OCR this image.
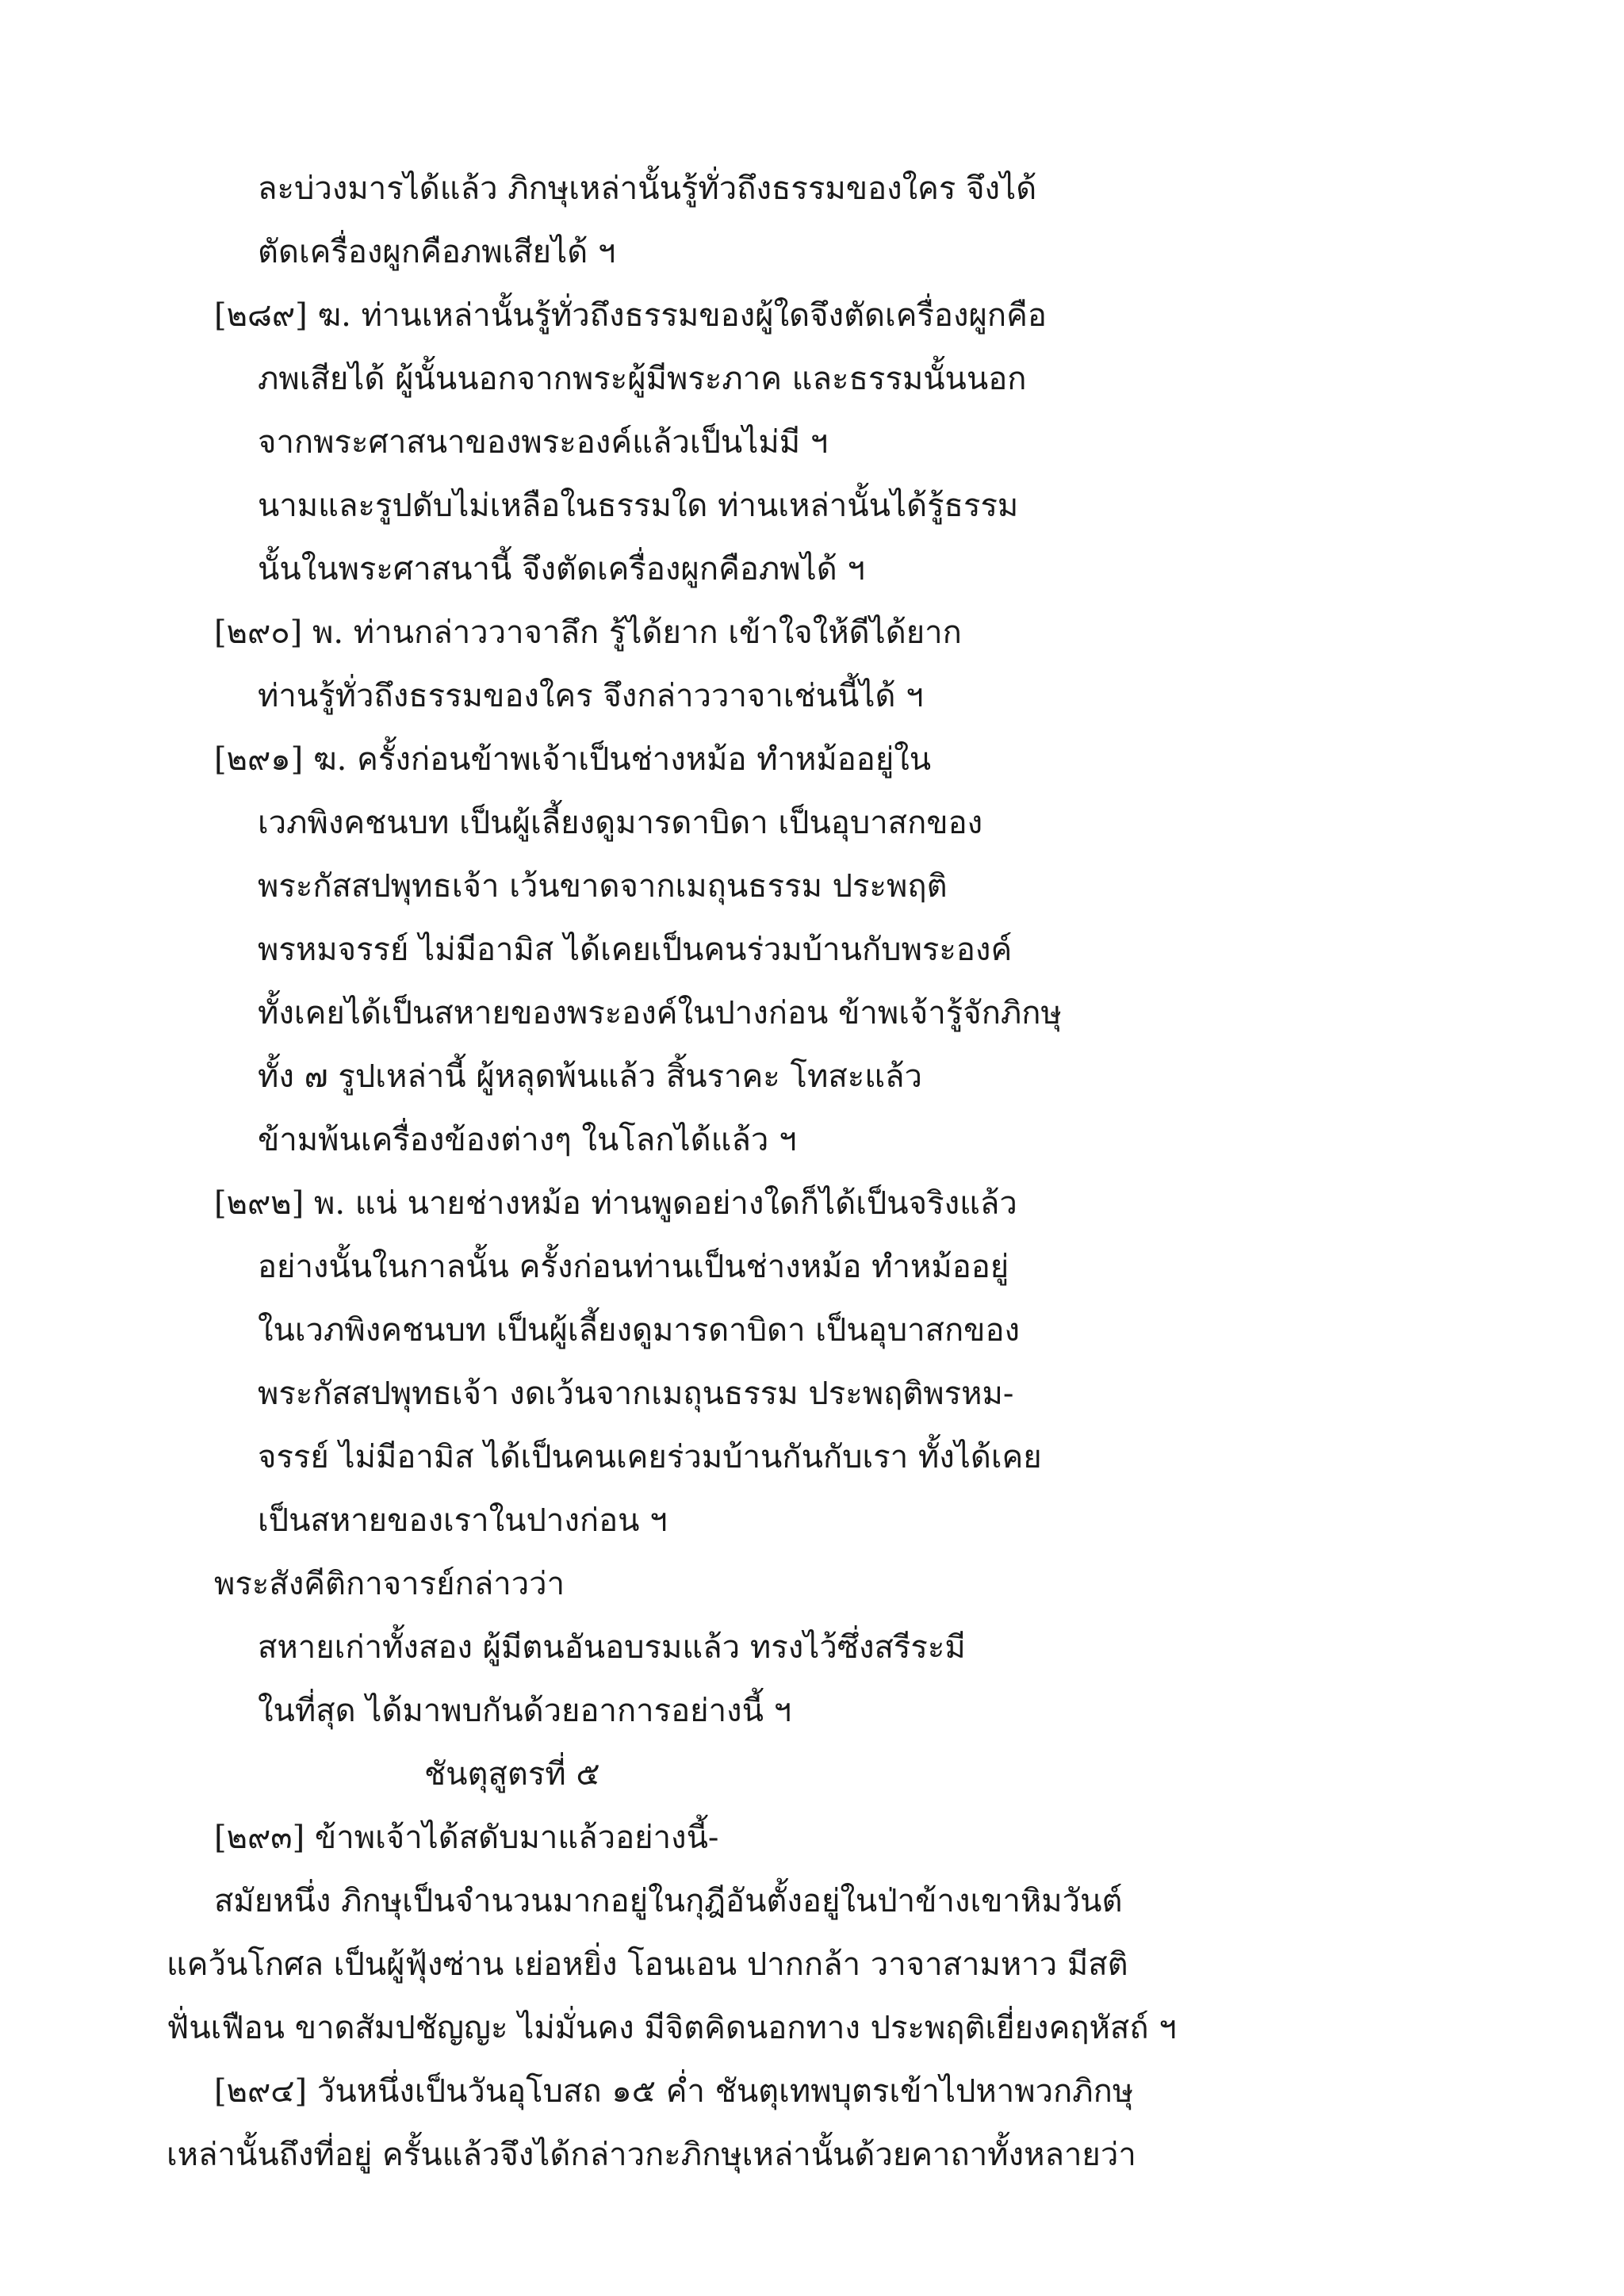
ละบ่วงมารได้แล้ว ภิกษุเหล่านั้นรู้ทั่วถึงธรรมของใคร จึงได้
ตัดเครื่องผูกคือภพเสียได้ ฯ
[๒๘๙] ฆ. ท่านเหล่านั้นรู้ทั่วถึงธรรมของผู้ใดจึงตัดเครื่องผูกคือ
ภพเสียได้ ผู้นั้นนอกจากพระผู้มีพระภาค และธรรมนั้นนอก
จากพระศาสนาของพระองค์แล้วเป็นไม่มี ฯ
นามและรูปดับไม่เหลือในธรรมใด ท่านเหล่านั้นได้รู้ธรรม
นั้นในพระศาสนานี้ จึงตัดเครื่องผูกคือภพได้ ฯ
[๒๙๐] พ. ท่านกล่าววาจาลึก รู้ได้ยาก เข้าใจให้ดีได้ยาก
ท่านรู้ทั่วถึงธรรมของใคร จึงกล่าววาจาเช่นนี้ได้ ฯ
[๒๙๑] ฆ. ครั้งก่อนข้าพเจ้าเป็นช่างหม้อ ทำหม้ออยู่ใน
เวภพิงคชนบท เป็นผู้เลี้ยงดูมารดาบิดา เป็นอุบาสกของ
พระกัสสปพุทธเจ้า เว้นขาดจากเมถุนธรรม ประพฤติ
พรหมจรรย์ ไม่มีอามิส ได้เคยเป็นคนร่วมบ้านกับพระองค์
ทั้งเคยได้เป็นสหายของพระองค์ในปางก่อน ข้าพเจ้ารู้จักภิกษุ
ทั้ง ๗ รูปเหล่านี้ ผู้หลุดพ้นแล้ว สิ้นราคะ โทสะแล้ว
ข้ามพ้นเครื่องข้องต่างๆ ในโลกได้แล้ว ฯ
[๒๙๒] พ. แน่ นายช่างหม้อ ท่านพูดอย่างใดก็ได้เป็นจริงแล้ว
อย่างนั้นในกาลนั้น ครั้งก่อนท่านเป็นช่างหม้อ ทำหม้ออยู่
ในเวภพิงคชนบท เป็นผู้เลี้ยงดูมารดาบิดา เป็นอุบาสกของ
พระกัสสปพุทธเจ้า งดเว้นจากเมถุนธรรม ประพฤติพรหม-
จรรย์ ไม่มีอามิส ได้เป็นคนเคยร่วมบ้านกันกับเรา ทั้งได้เคย
เป็นสหายของเราในปางก่อน ฯ
พระสังคีติกาจารย์กล่าวว่า
สหายเก่าทั้งสอง ผู้มีตนอันอบรมแล้ว ทรงไว้ซึ่งสรีระมี
ในที่สุด ได้มาพบกันด้วยอาการอย่างนี้ ฯ
ชันตุสูตรที่ ๕
[๒๙๓] ข้าพเจ้าได้สดับมาแล้วอย่างนี้-
สมัยหนึ่ง ภิกษุเป็นจำนวนมากอยู่ในกุฎีอันตั้งอยู่ในป่าข้างเขาหิมวันต์
แคว้นโกศล เป็นผู้ฟุ้งซ่าน เย่อหยิ่ง โอนเอน ปากกล้า วาจาสามหาว มีสติ
ฟั่นเฟือน ขาดสัมปชัญญะ ไม่มั่นคง มีจิตคิดนอกทาง ประพฤติเยี่ยงคฤหัสถ์ ฯ
[๒๙๔] วันหนึ่งเป็นวันอุโบสถ ๑๕ ค่ำ ชันตุเทพบุตรเข้าไปหาพวกภิกษุ
เหล่านั้นถึงที่อยู่ ครั้นแล้วจึงได้กล่าวกะภิกษุเหล่านั้นด้วยคาถาทั้งหลายว่า
